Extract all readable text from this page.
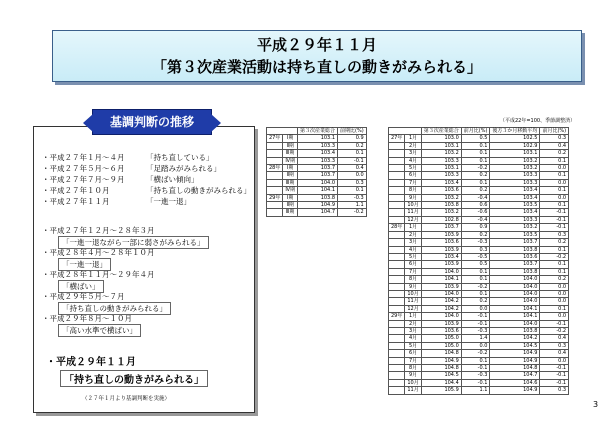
平成２９年１１月
「第３次産業活動は持ち直しの動きがみられる」
基調判断の推移
・平成２７年１月～４月	「持ち直している」
・平成２７年５月～６月	「足踏みがみられる」
・平成２７年７月～９月	「横ばい傾向」
・平成２７年１０月	「持ち直しの動きがみられる」
・平成２７年１１月	「一進一退」
・平成２７年１２月～２８年３月
「一進一退ながら一部に弱さがみられる」
・平成２８年４月～２８年１０月
「一進一退」
・平成２８年１１月～２９年４月
「横ばい」
・平成２９年５月～７月
「持ち直しの動きがみられる」
・平成２９年８月～１０月
「高い水準で横ばい」
・平成２９年１１月
「持ち直しの動きがみられる」
（２７年１月より基調判断を実施）
		第３次産業総合	前期比(%)
27年	Ⅰ期	103.1	0.9
	Ⅱ期	103.3	0.2
	Ⅲ期	103.4	0.1
	Ⅳ期	103.3	-0.1
28年	Ⅰ期	103.7	0.4
	Ⅱ期	103.7	0.0
	Ⅲ期	104.0	0.3
	Ⅳ期	104.1	0.1
29年	Ⅰ期	103.8	-0.3
	Ⅱ期	104.9	1.1
	Ⅲ期	104.7	-0.2
（平成22年=100、季節調整済）
		第３次産業総合	前月比(%)	後方３か月移動平均	前月比(%)
27年	1月	103.0	0.5	102.5	0.3
	2月	103.1	0.1	102.9	0.4
	3月	103.2	0.1	103.1	0.2
	4月	103.3	0.1	103.2	0.1
	5月	103.1	-0.2	103.2	0.0
	6月	103.3	0.2	103.3	0.1
	7月	103.4	0.1	103.3	0.0
	8月	103.6	0.2	103.4	0.1
	9月	103.2	-0.4	103.4	0.0
	10月	103.8	0.6	103.5	0.1
	11月	103.2	-0.6	103.4	-0.1
	12月	102.8	-0.4	103.3	-0.1
28年	1月	103.7	0.9	103.2	-0.1
	2月	103.9	0.2	103.5	0.3
	3月	103.6	-0.3	103.7	0.2
	4月	103.9	0.3	103.8	0.1
	5月	103.4	-0.5	103.6	-0.2
	6月	103.9	0.5	103.7	0.1
	7月	104.0	0.1	103.8	0.1
	8月	104.1	0.1	104.0	0.2
	9月	103.9	-0.2	104.0	0.0
	10月	104.0	0.1	104.0	0.0
	11月	104.2	0.2	104.0	0.0
	12月	104.2	0.0	104.1	0.1
29年	1月	104.0	-0.1	104.1	0.0
	2月	103.9	-0.1	104.0	-0.1
	3月	103.6	-0.3	103.8	-0.2
	4月	105.0	1.4	104.2	0.4
	5月	105.0	0.0	104.5	0.3
	6月	104.8	-0.2	104.9	0.4
	7月	104.9	0.1	104.9	0.0
	8月	104.8	-0.1	104.8	-0.1
	9月	104.5	-0.3	104.7	-0.1
	10月	104.4	-0.1	104.6	-0.1
	11月	105.9	1.1	104.9	0.3
3
